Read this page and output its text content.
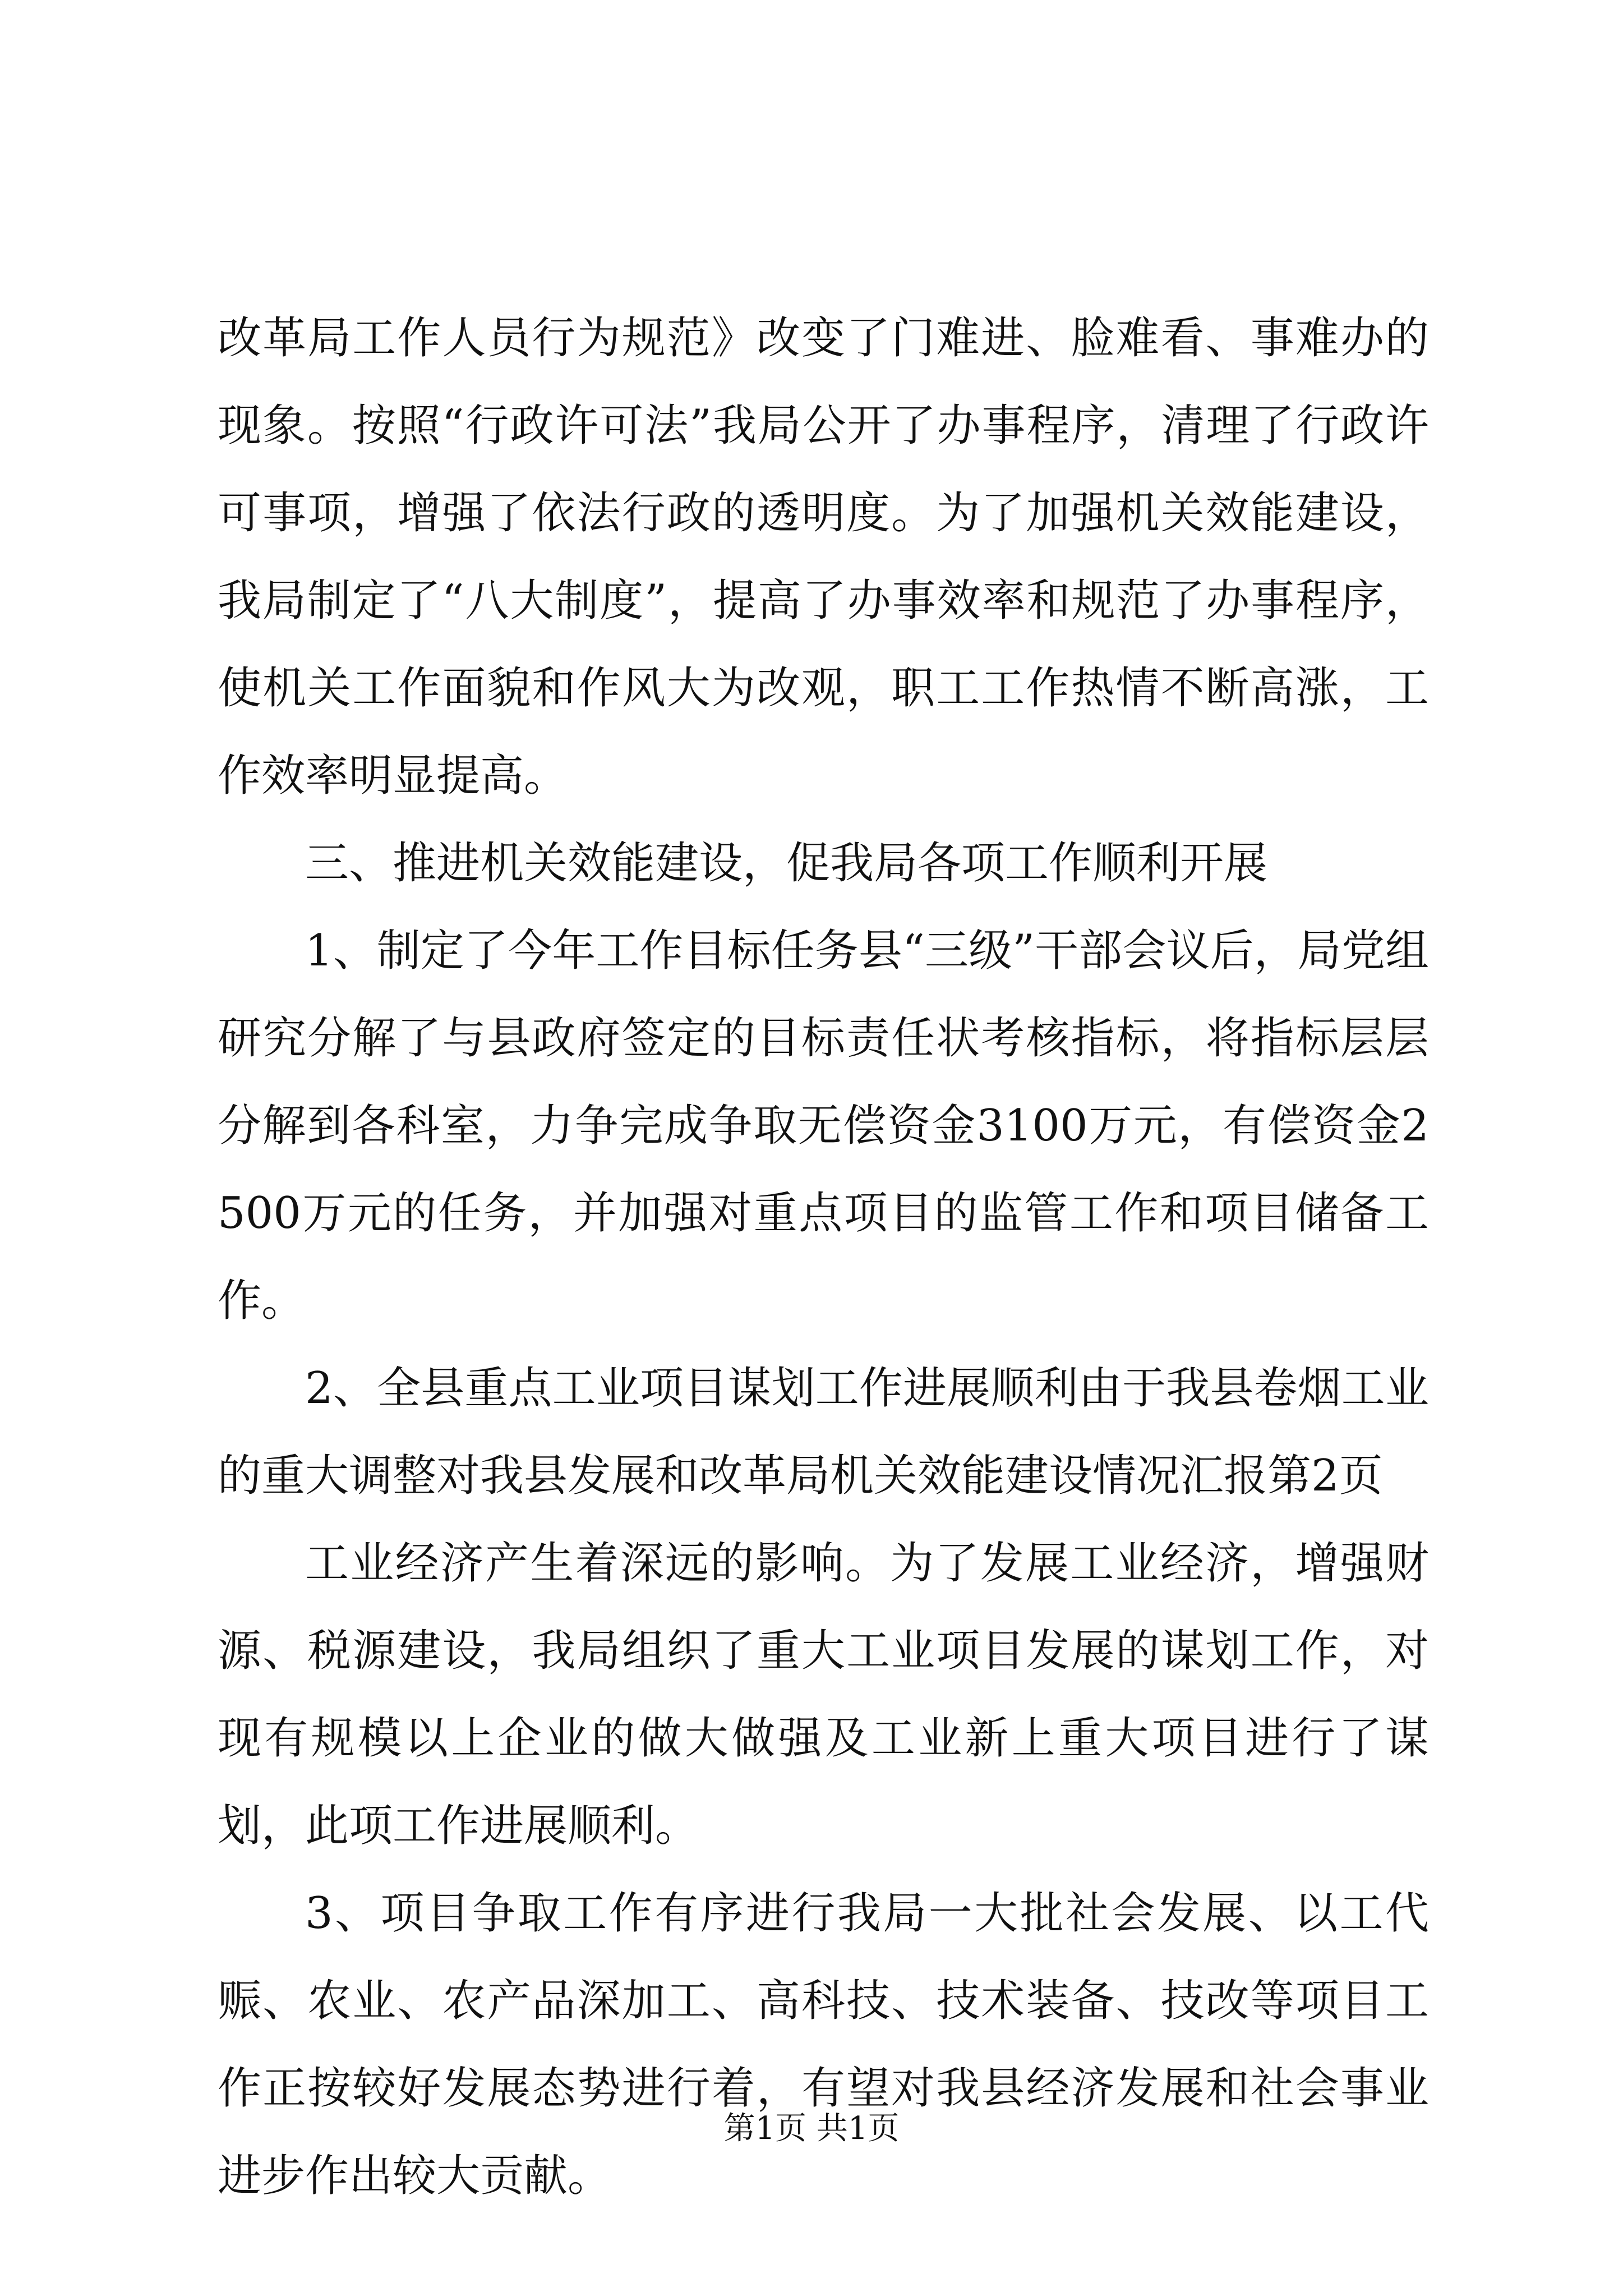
改革局工作人员行为规范》改变了门难进、脸难看、事难办的现象。按照“行政许可法”我局公开了办事程序，清理了行政许可事项，增强了依法行政的透明度。为了加强机关效能建设，我局制定了“八大制度”，提高了办事效率和规范了办事程序，使机关工作面貌和作风大为改观，职工工作热情不断高涨，工作效率明显提高。

三、推进机关效能建设，促我局各项工作顺利开展

1、制定了今年工作目标任务县“三级”干部会议后，局党组研究分解了与县政府签定的目标责任状考核指标，将指标层层分解到各科室，力争完成争取无偿资金3100万元，有偿资金2500万元的任务，并加强对重点项目的监管工作和项目储备工作。

2、全县重点工业项目谋划工作进展顺利由于我县卷烟工业的重大调整对我县发展和改革局机关效能建设情况汇报第2页

工业经济产生着深远的影响。为了发展工业经济，增强财源、税源建设，我局组织了重大工业项目发展的谋划工作，对现有规模以上企业的做大做强及工业新上重大项目进行了谋划，此项工作进展顺利。

3、项目争取工作有序进行我局一大批社会发展、以工代赈、农业、农产品深加工、高科技、技术装备、技改等项目工作正按较好发展态势进行着，有望对我县经济发展和社会事业进步作出较大贡献。

第1页 共1页
